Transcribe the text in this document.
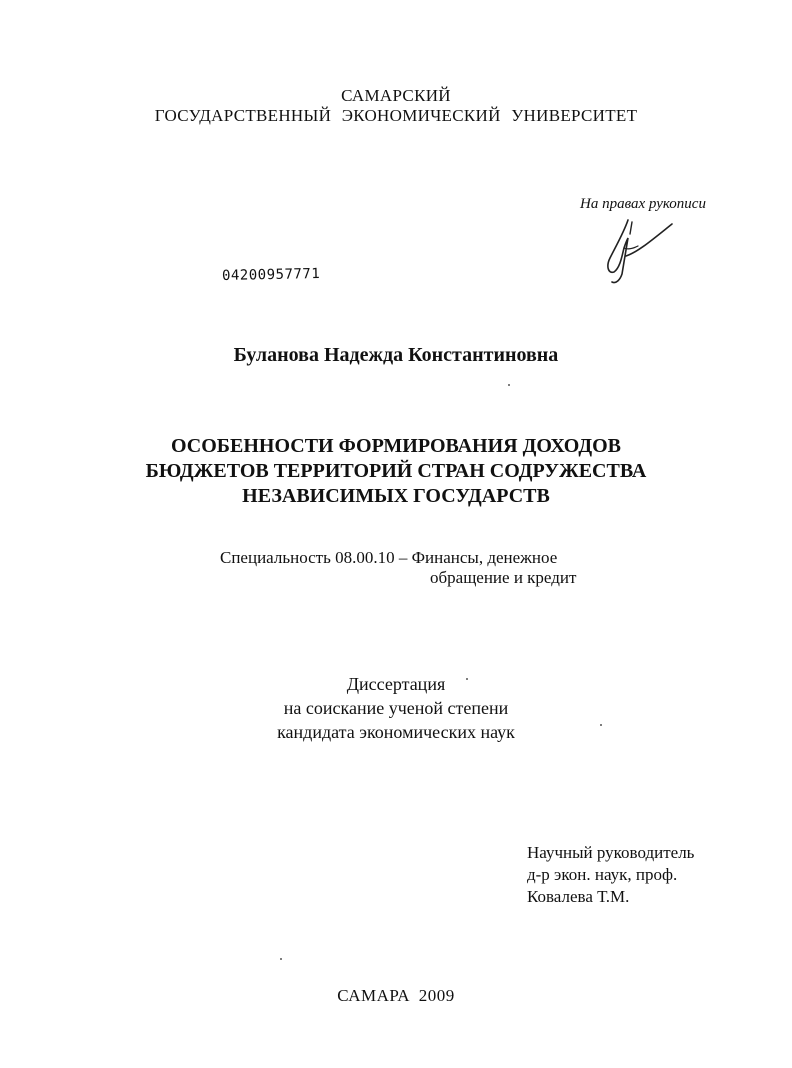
САМАРСКИЙ
ГОСУДАРСТВЕННЫЙ ЭКОНОМИЧЕСКИЙ УНИВЕРСИТЕТ
На правах рукописи
04200957771
Буланова Надежда Константиновна
ОСОБЕННОСТИ ФОРМИРОВАНИЯ ДОХОДОВ
БЮДЖЕТОВ ТЕРРИТОРИЙ СТРАН СОДРУЖЕСТВА
НЕЗАВИСИМЫХ ГОСУДАРСТВ
Специальность 08.00.10 – Финансы, денежное
обращение и кредит
Диссертация
на соискание ученой степени
кандидата экономических наук
Научный руководитель
д-р экон. наук, проф.
Ковалева Т.М.
САМАРА 2009
